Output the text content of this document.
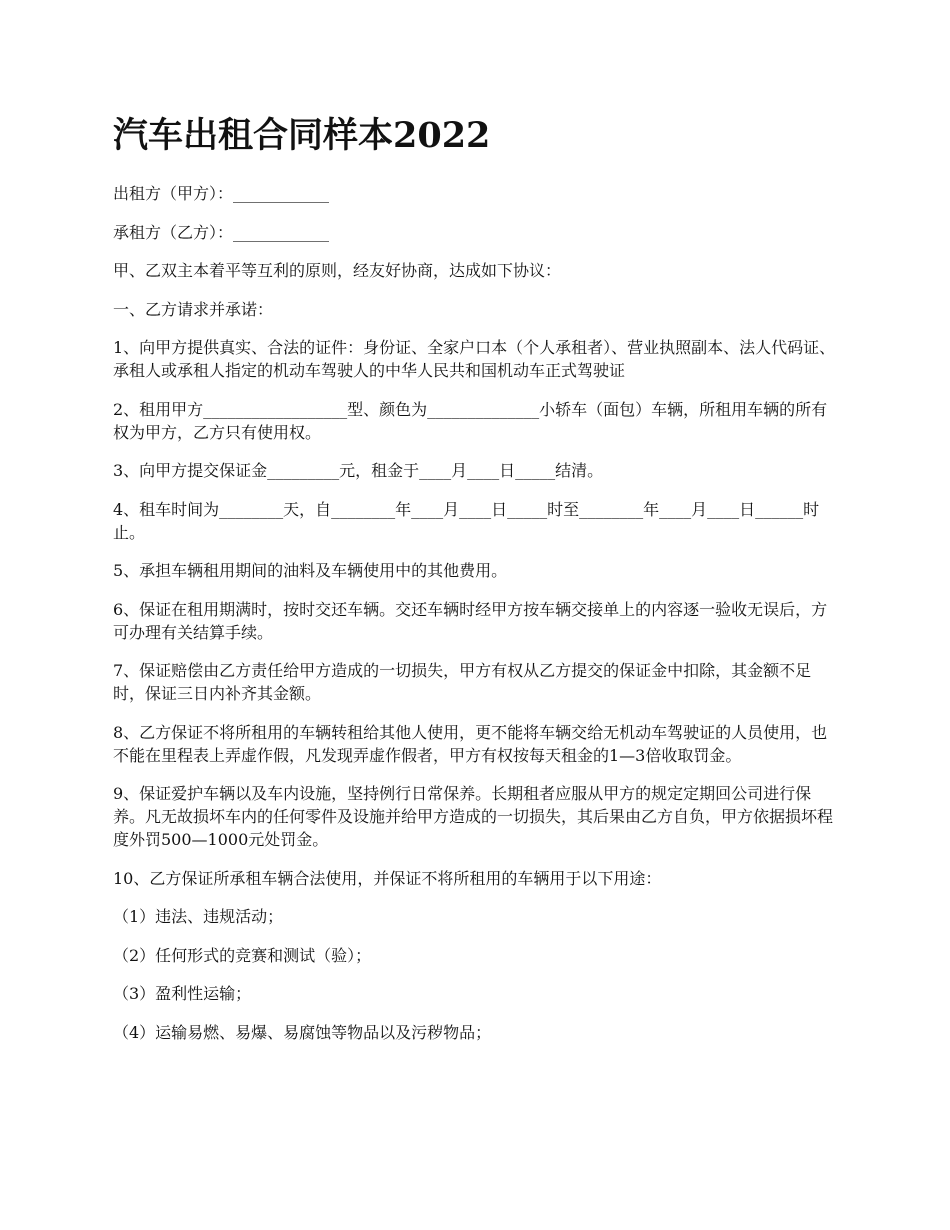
汽车出租合同样本2022

出租方（甲方）：____________

承租方（乙方）：____________

甲、乙双主本着平等互利的原则，经友好协商，达成如下协议：

一、乙方请求并承诺：

1、向甲方提供真实、合法的证件：身份证、全家户口本（个人承租者）、营业执照副本、法人代码证、承租人或承租人指定的机动车驾驶人的中华人民共和国机动车正式驾驶证

2、租用甲方__________________型、颜色为______________小轿车（面包）车辆，所租用车辆的所有权为甲方，乙方只有使用权。

3、向甲方提交保证金_________元，租金于____月____日_____结清。

4、租车时间为________天，自________年____月____日_____时至________年____月____日______时止。

5、承担车辆租用期间的油料及车辆使用中的其他费用。

6、保证在租用期满时，按时交还车辆。交还车辆时经甲方按车辆交接单上的内容逐一验收无误后，方可办理有关结算手续。

7、保证赔偿由乙方责任给甲方造成的一切损失，甲方有权从乙方提交的保证金中扣除，其金额不足时，保证三日内补齐其金额。

8、乙方保证不将所租用的车辆转租给其他人使用，更不能将车辆交给无机动车驾驶证的人员使用，也不能在里程表上弄虚作假，凡发现弄虚作假者，甲方有权按每天租金的1—3倍收取罚金。

9、保证爱护车辆以及车内设施，坚持例行日常保养。长期租者应服从甲方的规定定期回公司进行保养。凡无故损坏车内的任何零件及设施并给甲方造成的一切损失，其后果由乙方自负，甲方依据损坏程度外罚500—1000元处罚金。

10、乙方保证所承租车辆合法使用，并保证不将所租用的车辆用于以下用途：

（1）违法、违规活动；

（2）任何形式的竞赛和测试（验）；

（3）盈利性运输；

（4）运输易燃、易爆、易腐蚀等物品以及污秽物品；
